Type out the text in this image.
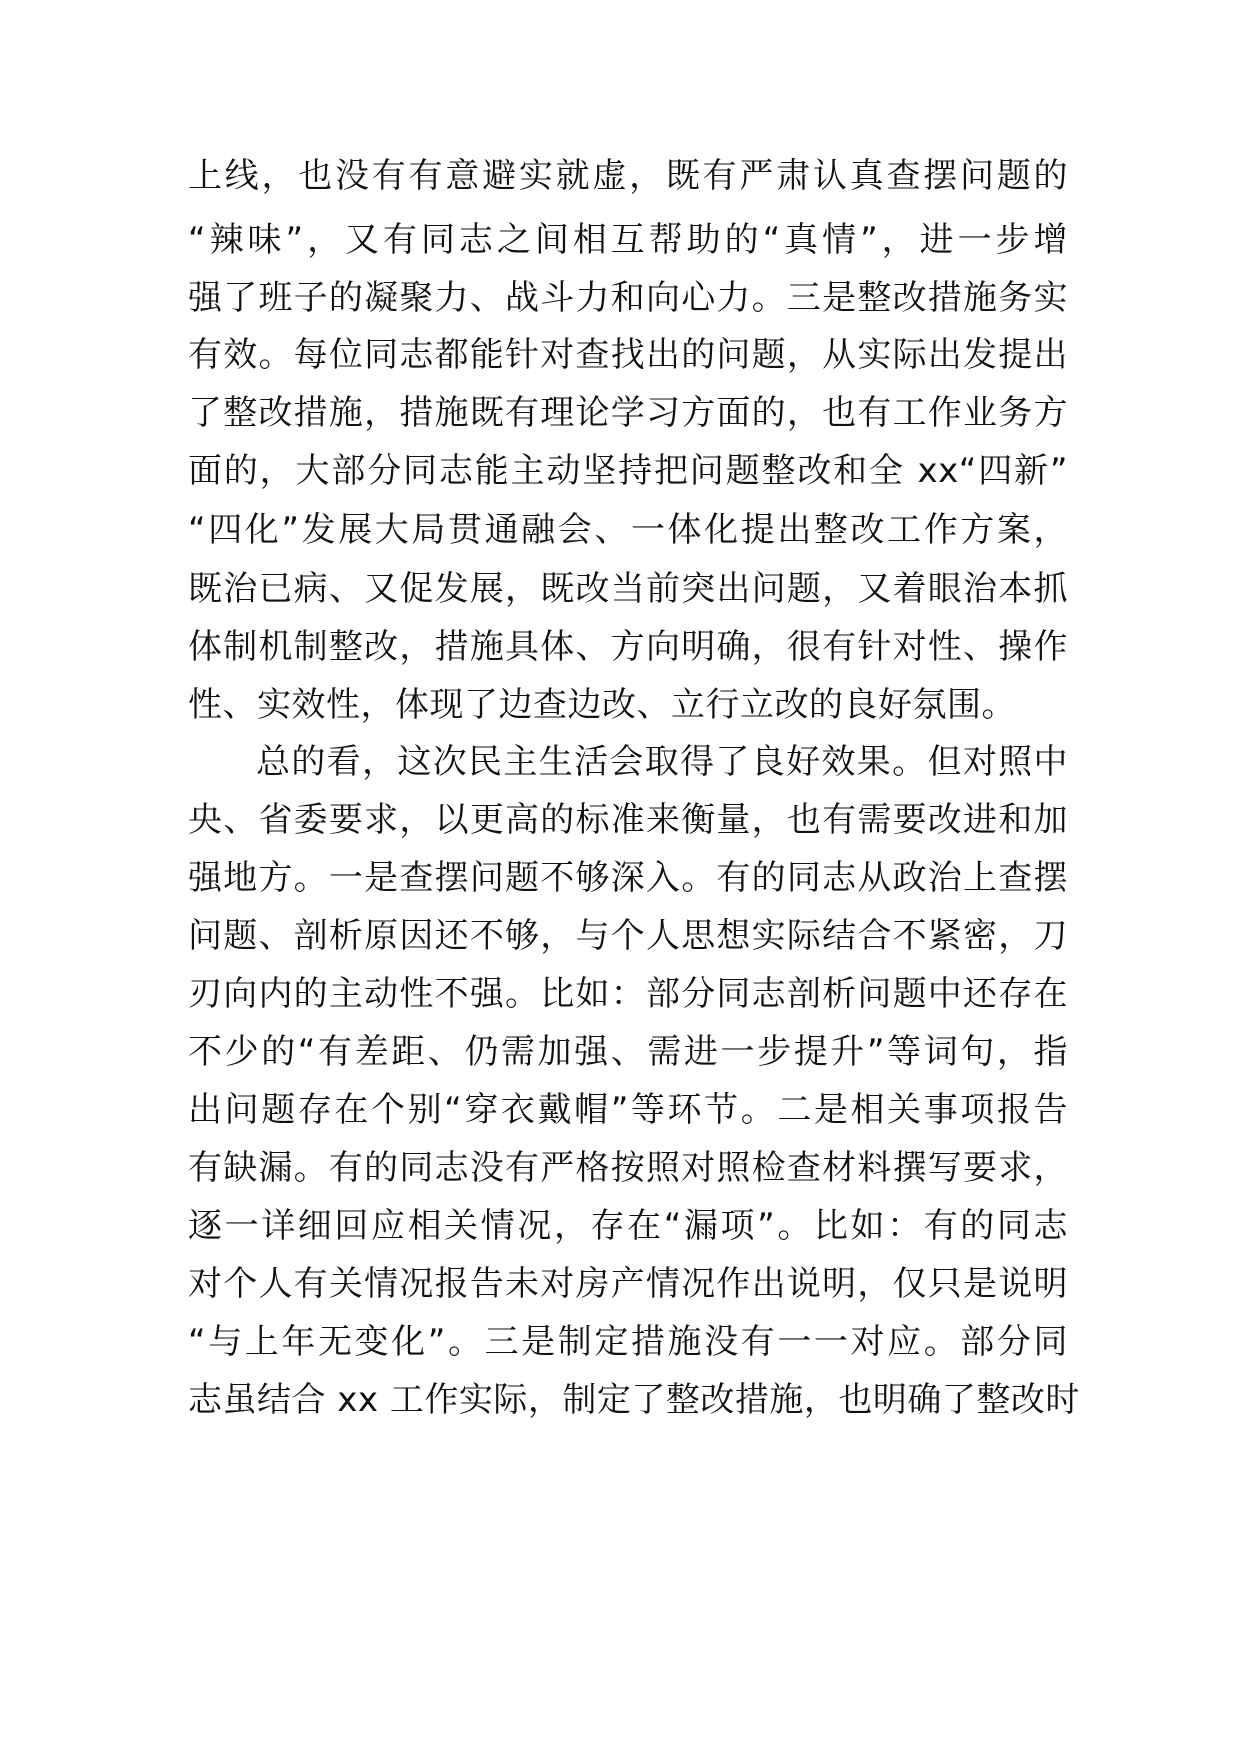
上线，也没有有意避实就虚，既有严肃认真查摆问题的
“辣味”，又有同志之间相互帮助的“真情”，进一步增
强了班子的凝聚力、战斗力和向心力。三是整改措施务实
有效。每位同志都能针对查找出的问题，从实际出发提出
了整改措施，措施既有理论学习方面的，也有工作业务方
面的，大部分同志能主动坚持把问题整改和全 xx“四新”
“四化”发展大局贯通融会、一体化提出整改工作方案，
既治已病、又促发展，既改当前突出问题，又着眼治本抓
体制机制整改，措施具体、方向明确，很有针对性、操作
性、实效性，体现了边查边改、立行立改的良好氛围。
总的看，这次民主生活会取得了良好效果。但对照中
央、省委要求，以更高的标准来衡量，也有需要改进和加
强地方。一是查摆问题不够深入。有的同志从政治上查摆
问题、剖析原因还不够，与个人思想实际结合不紧密，刀
刃向内的主动性不强。比如：部分同志剖析问题中还存在
不少的“有差距、仍需加强、需进一步提升”等词句，指
出问题存在个别“穿衣戴帽”等环节。二是相关事项报告
有缺漏。有的同志没有严格按照对照检查材料撰写要求，
逐一详细回应相关情况，存在“漏项”。比如：有的同志
对个人有关情况报告未对房产情况作出说明，仅只是说明
“与上年无变化”。三是制定措施没有一一对应。部分同
志虽结合 xx 工作实际，制定了整改措施，也明确了整改时
